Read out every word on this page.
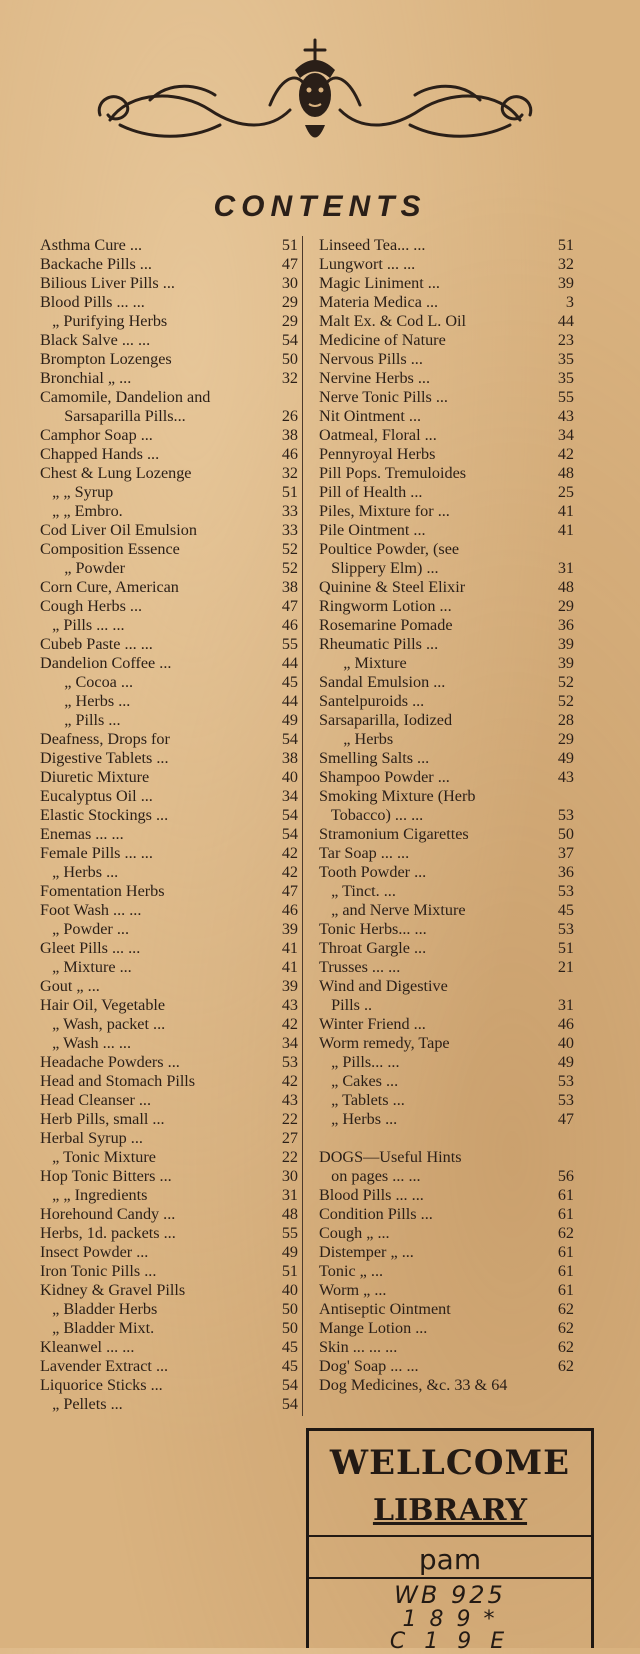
CONTENTS
Asthma Cure ...	51
Backache Pills ...	47
Bilious Liver Pills ...	30
Blood Pills ... ...	29
„ Purifying Herbs	29
Black Salve ... ...	54
Brompton Lozenges	50
Bronchial „ ...	32
Camomile, Dandelion and
Sarsaparilla Pills...	26
Camphor Soap ...	38
Chapped Hands ...	46
Chest & Lung Lozenge	32
„ „ Syrup	51
„ „ Embro.	33
Cod Liver Oil Emulsion	33
Composition Essence	52
„ Powder	52
Corn Cure, American	38
Cough Herbs ...	47
„ Pills ... ...	46
Cubeb Paste ... ...	55
Dandelion Coffee ...	44
„ Cocoa ...	45
„ Herbs ...	44
„ Pills ...	49
Deafness, Drops for	54
Digestive Tablets ...	38
Diuretic Mixture	40
Eucalyptus Oil ...	34
Elastic Stockings ...	54
Enemas ... ...	54
Female Pills ... ...	42
„ Herbs ...	42
Fomentation Herbs	47
Foot Wash ... ...	46
„ Powder ...	39
Gleet Pills ... ...	41
„ Mixture ...	41
Gout „ ...	39
Hair Oil, Vegetable	43
„ Wash, packet ...	42
„ Wash ... ...	34
Headache Powders ...	53
Head and Stomach Pills	42
Head Cleanser ...	43
Herb Pills, small ...	22
Herbal Syrup ...	27
„ Tonic Mixture	22
Hop Tonic Bitters ...	30
„ „ Ingredients	31
Horehound Candy ...	48
Herbs, 1d. packets ...	55
Insect Powder ...	49
Iron Tonic Pills ...	51
Kidney & Gravel Pills	40
„ Bladder Herbs	50
„ Bladder Mixt.	50
Kleanwel ... ...	45
Lavender Extract ...	45
Liquorice Sticks ...	54
„ Pellets ...	54
Linseed Tea... ...	51
Lungwort ... ...	32
Magic Liniment ...	39
Materia Medica ...	3
Malt Ex. & Cod L. Oil	44
Medicine of Nature	23
Nervous Pills ...	35
Nervine Herbs ...	35
Nerve Tonic Pills ...	55
Nit Ointment ...	43
Oatmeal, Floral ...	34
Pennyroyal Herbs	42
Pill Pops. Tremuloides	48
Pill of Health ...	25
Piles, Mixture for ...	41
Pile Ointment ...	41
Poultice Powder, (see
Slippery Elm) ...	31
Quinine & Steel Elixir	48
Ringworm Lotion ...	29
Rosemarine Pomade	36
Rheumatic Pills ...	39
„ Mixture	39
Sandal Emulsion ...	52
Santelpuroids ...	52
Sarsaparilla, Iodized	28
„ Herbs	29
Smelling Salts ...	49
Shampoo Powder ...	43
Smoking Mixture (Herb
Tobacco) ... ...	53
Stramonium Cigarettes	50
Tar Soap ... ...	37
Tooth Powder ...	36
„ Tinct. ...	53
„ and Nerve Mixture	45
Tonic Herbs... ...	53
Throat Gargle ...	51
Trusses ... ...	21
Wind and Digestive
Pills ..	31
Winter Friend ...	46
Worm remedy, Tape	40
„ Pills... ...	49
„ Cakes ...	53
„ Tablets ...	53
„ Herbs ...	47
DOGS—Useful Hints
on pages ... ...	56
Blood Pills ... ...	61
Condition Pills ...	61
Cough „ ...	62
Distemper „ ...	61
Tonic „ ...	61
Worm „ ...	61
Antiseptic Ointment	62
Mange Lotion ...	62
Skin ... ... ...	62
Dog' Soap ... ...	62
Dog Medicines, &c. 33 & 64
WELLCOME
LIBRARY
pam
WB 925
1 8 9 *
C 1 9 E
